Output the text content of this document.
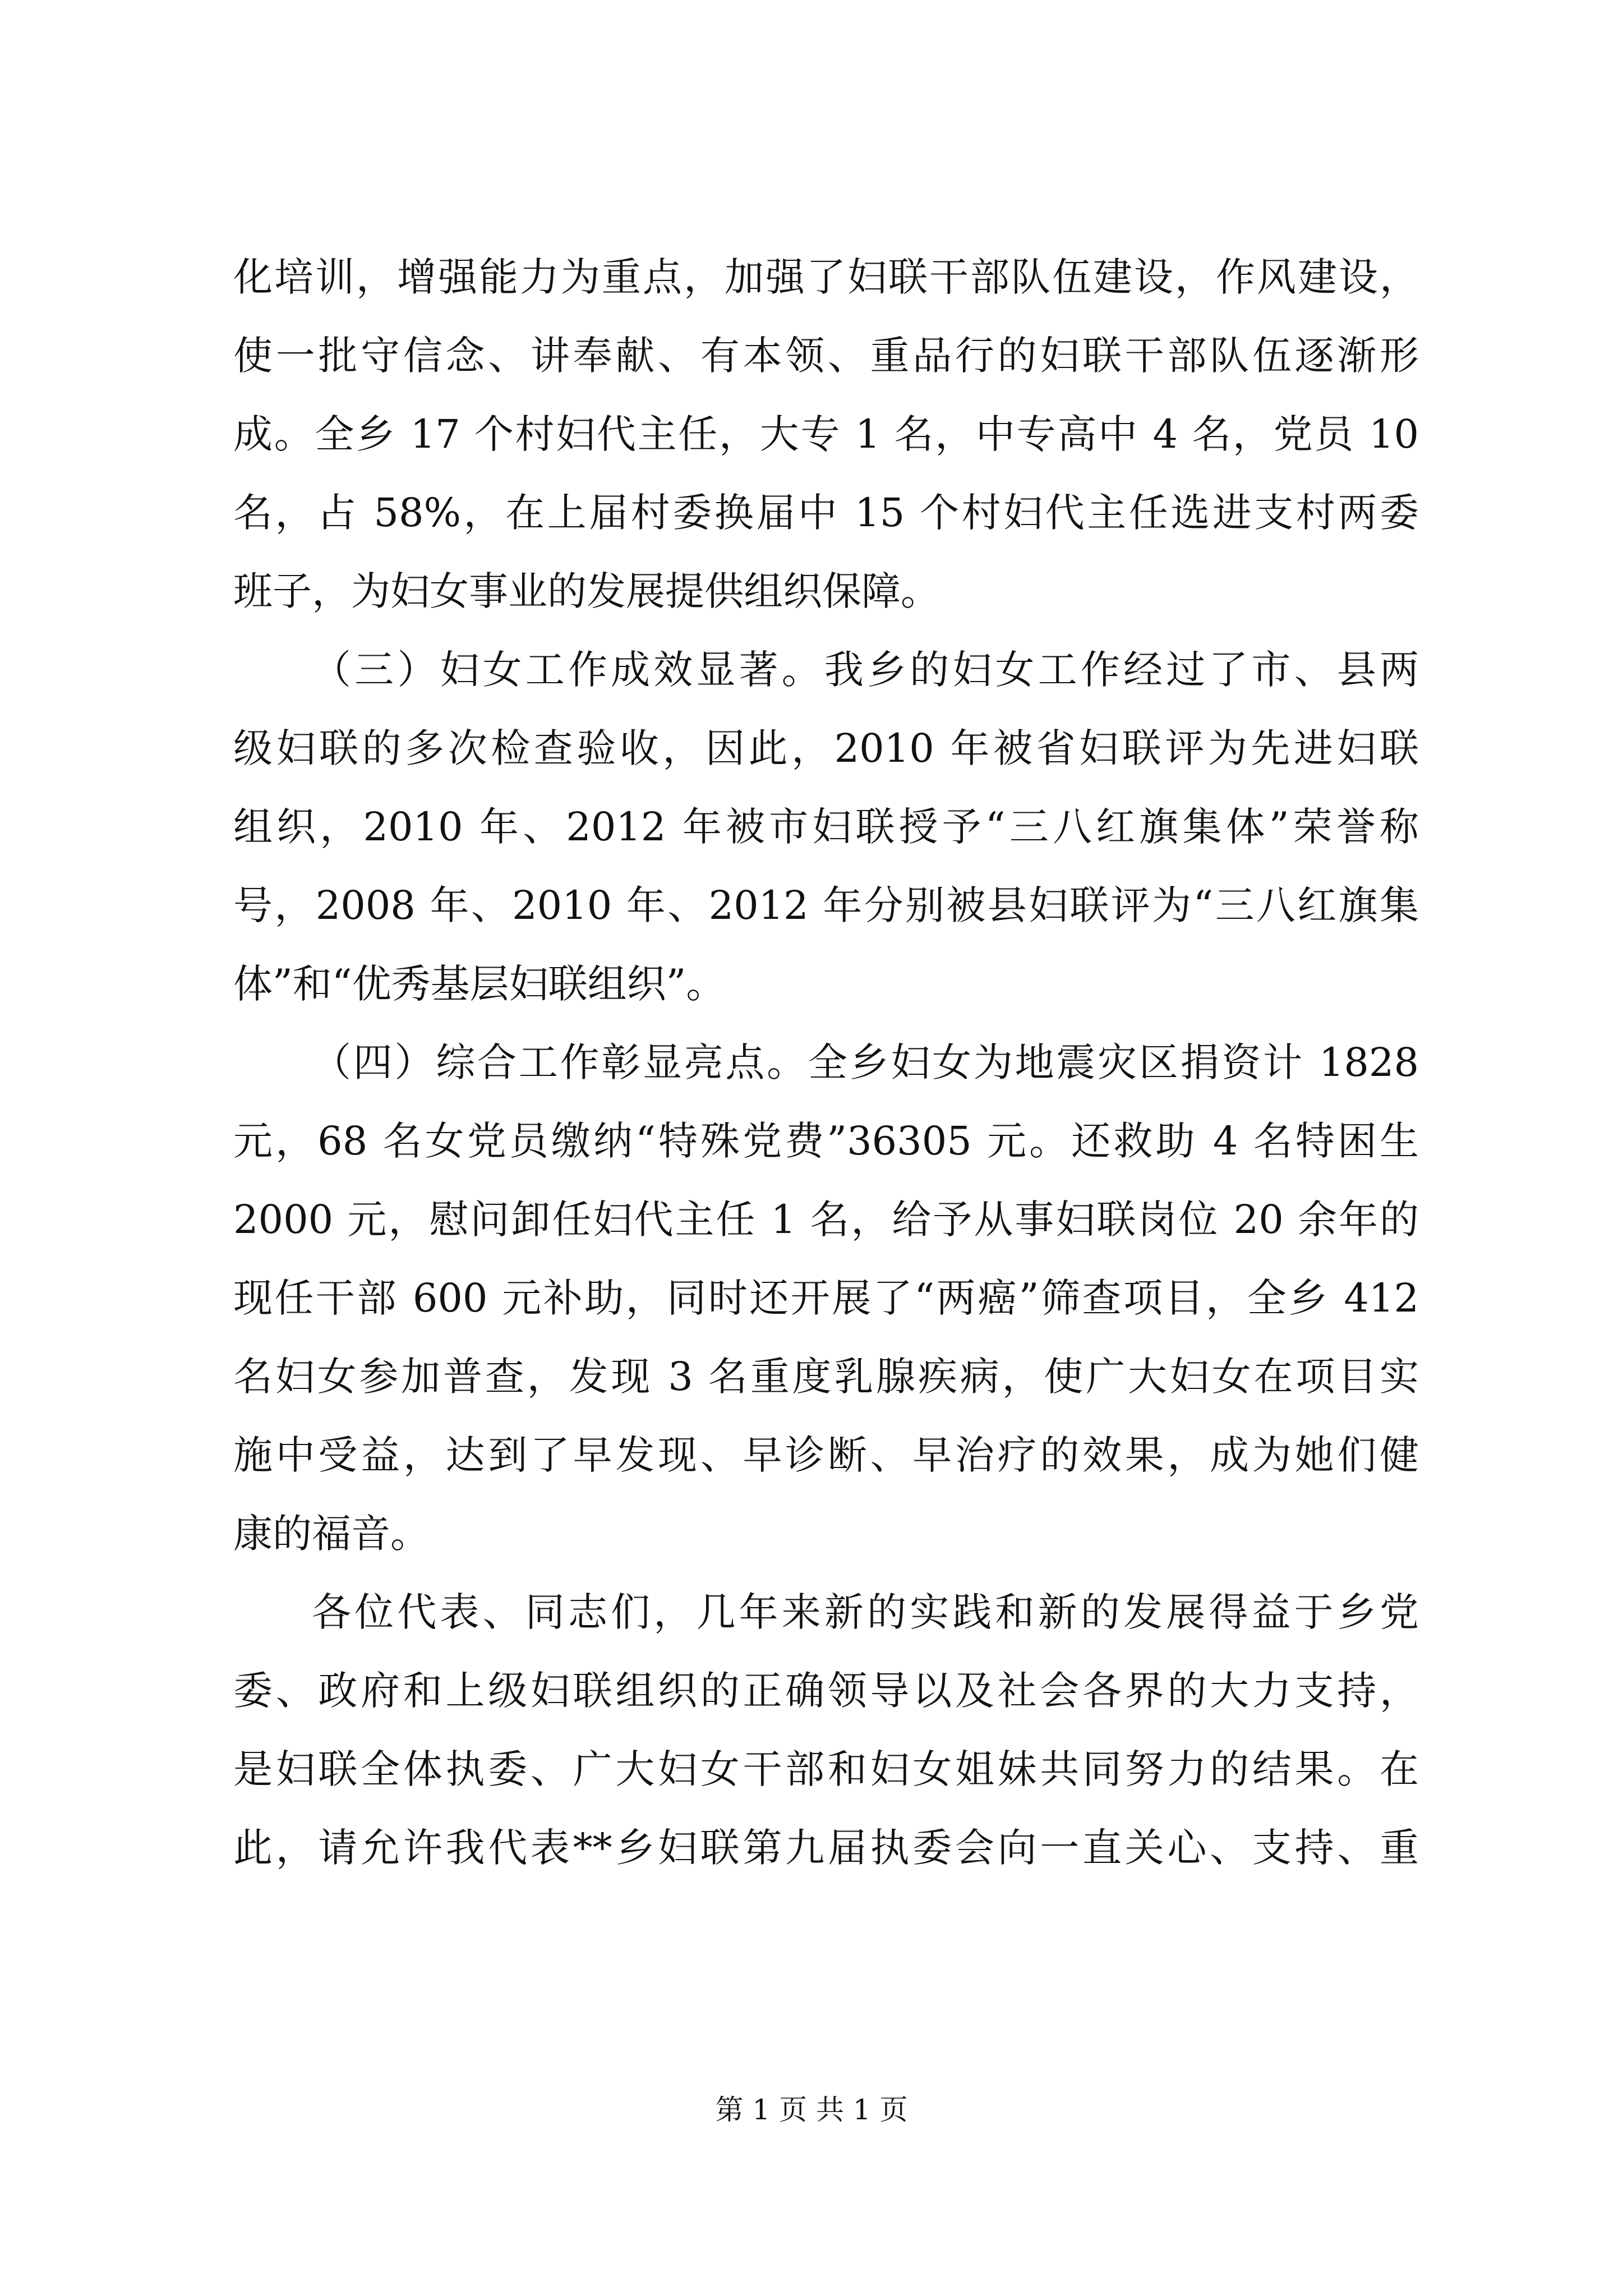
化培训，增强能力为重点，加强了妇联干部队伍建设，作风建设，
使一批守信念、讲奉献、有本领、重品行的妇联干部队伍逐渐形
成。全乡 17 个村妇代主任，大专 1 名，中专高中 4 名，党员 10
名，占 58%，在上届村委换届中 15 个村妇代主任选进支村两委
班子，为妇女事业的发展提供组织保障。
（三）妇女工作成效显著。我乡的妇女工作经过了市、县两
级妇联的多次检查验收，因此，2010 年被省妇联评为先进妇联
组织，2010 年、2012 年被市妇联授予“三八红旗集体”荣誉称
号，2008 年、2010 年、2012 年分别被县妇联评为“三八红旗集
体”和“优秀基层妇联组织”。
（四）综合工作彰显亮点。全乡妇女为地震灾区捐资计 1828
元，68 名女党员缴纳“特殊党费”36305 元。还救助 4 名特困生
2000 元，慰问卸任妇代主任 1 名，给予从事妇联岗位 20 余年的
现任干部 600 元补助，同时还开展了“两癌”筛查项目，全乡 412
名妇女参加普查，发现 3 名重度乳腺疾病，使广大妇女在项目实
施中受益，达到了早发现、早诊断、早治疗的效果，成为她们健
康的福音。
各位代表、同志们，几年来新的实践和新的发展得益于乡党
委、政府和上级妇联组织的正确领导以及社会各界的大力支持，
是妇联全体执委、广大妇女干部和妇女姐妹共同努力的结果。在
此，请允许我代表**乡妇联第九届执委会向一直关心、支持、重
第 1 页 共 1 页
